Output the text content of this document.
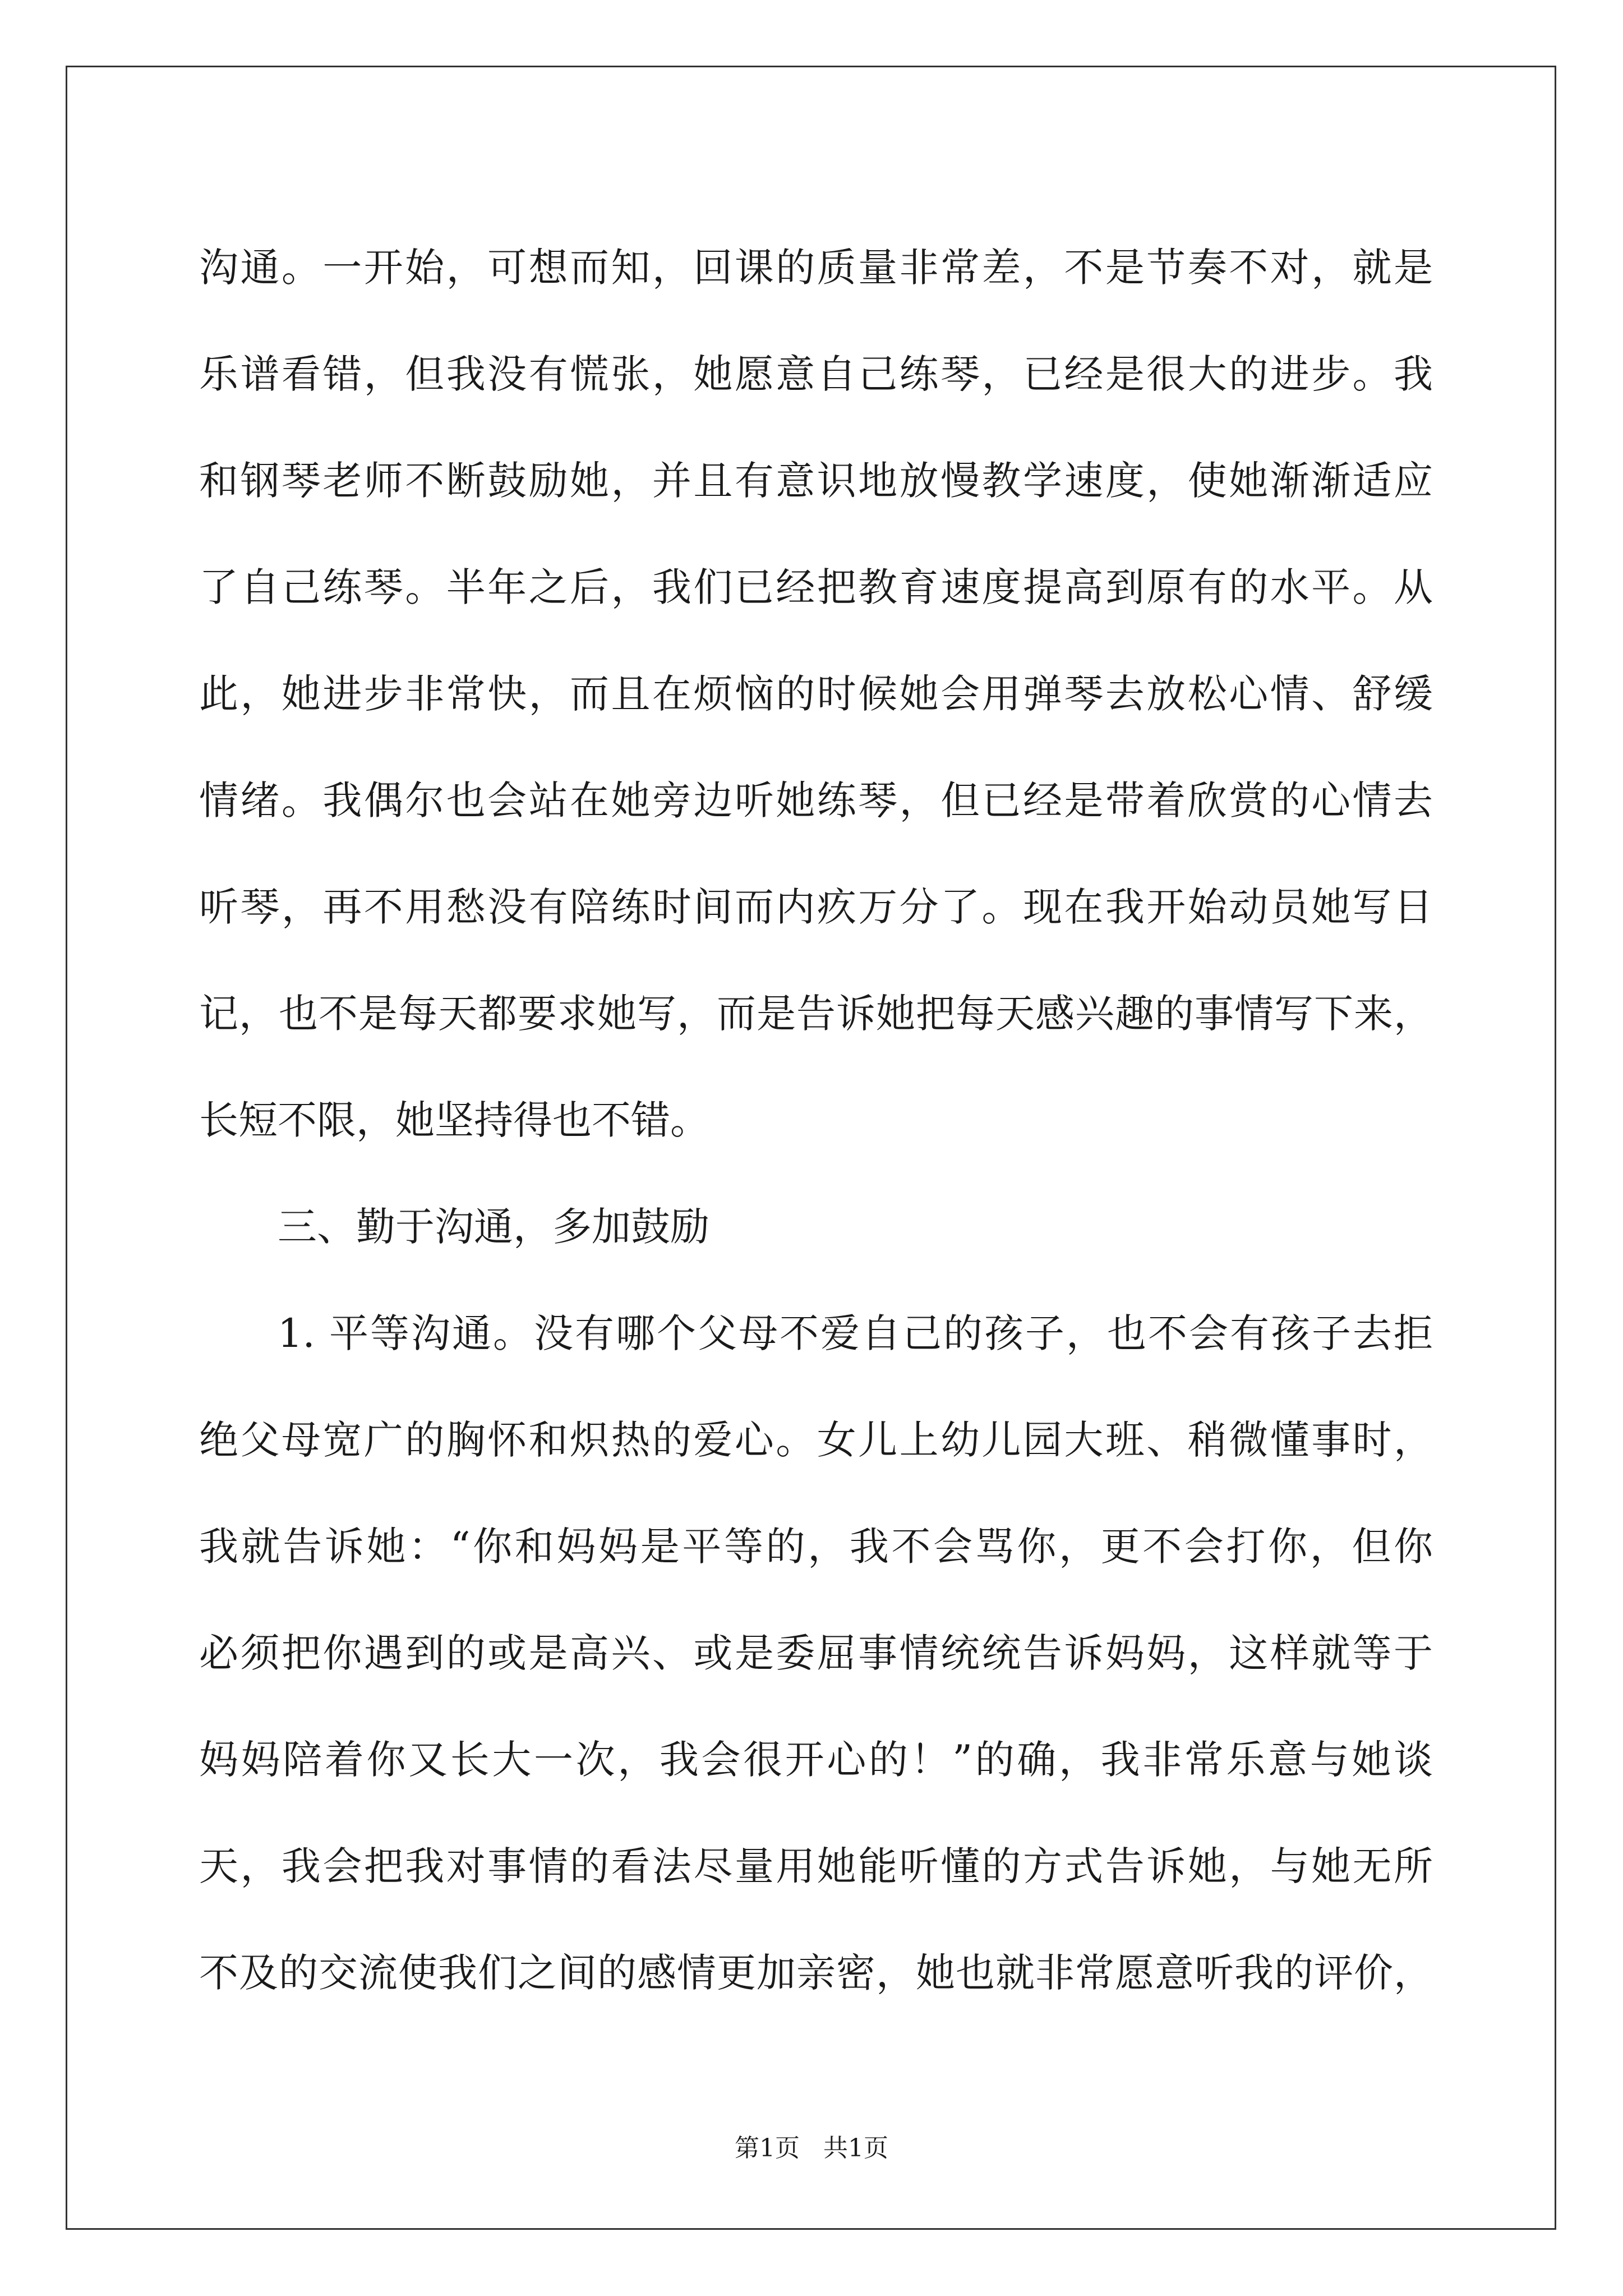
沟通。一开始，可想而知，回课的质量非常差，不是节奏不对，就是
乐谱看错，但我没有慌张，她愿意自己练琴，已经是很大的进步。我
和钢琴老师不断鼓励她，并且有意识地放慢教学速度，使她渐渐适应
了自己练琴。半年之后，我们已经把教育速度提高到原有的水平。从
此，她进步非常快，而且在烦恼的时候她会用弹琴去放松心情、舒缓
情绪。我偶尔也会站在她旁边听她练琴，但已经是带着欣赏的心情去
听琴，再不用愁没有陪练时间而内疚万分了。现在我开始动员她写日
记，也不是每天都要求她写，而是告诉她把每天感兴趣的事情写下来，
长短不限，她坚持得也不错。
三、勤于沟通，多加鼓励
1. 平等沟通。没有哪个父母不爱自己的孩子，也不会有孩子去拒
绝父母宽广的胸怀和炽热的爱心。女儿上幼儿园大班、稍微懂事时，
我就告诉她：“你和妈妈是平等的，我不会骂你，更不会打你，但你
必须把你遇到的或是高兴、或是委屈事情统统告诉妈妈，这样就等于
妈妈陪着你又长大一次，我会很开心的！”的确，我非常乐意与她谈
天，我会把我对事情的看法尽量用她能听懂的方式告诉她，与她无所
不及的交流使我们之间的感情更加亲密，她也就非常愿意听我的评价，
第1页   共1页
